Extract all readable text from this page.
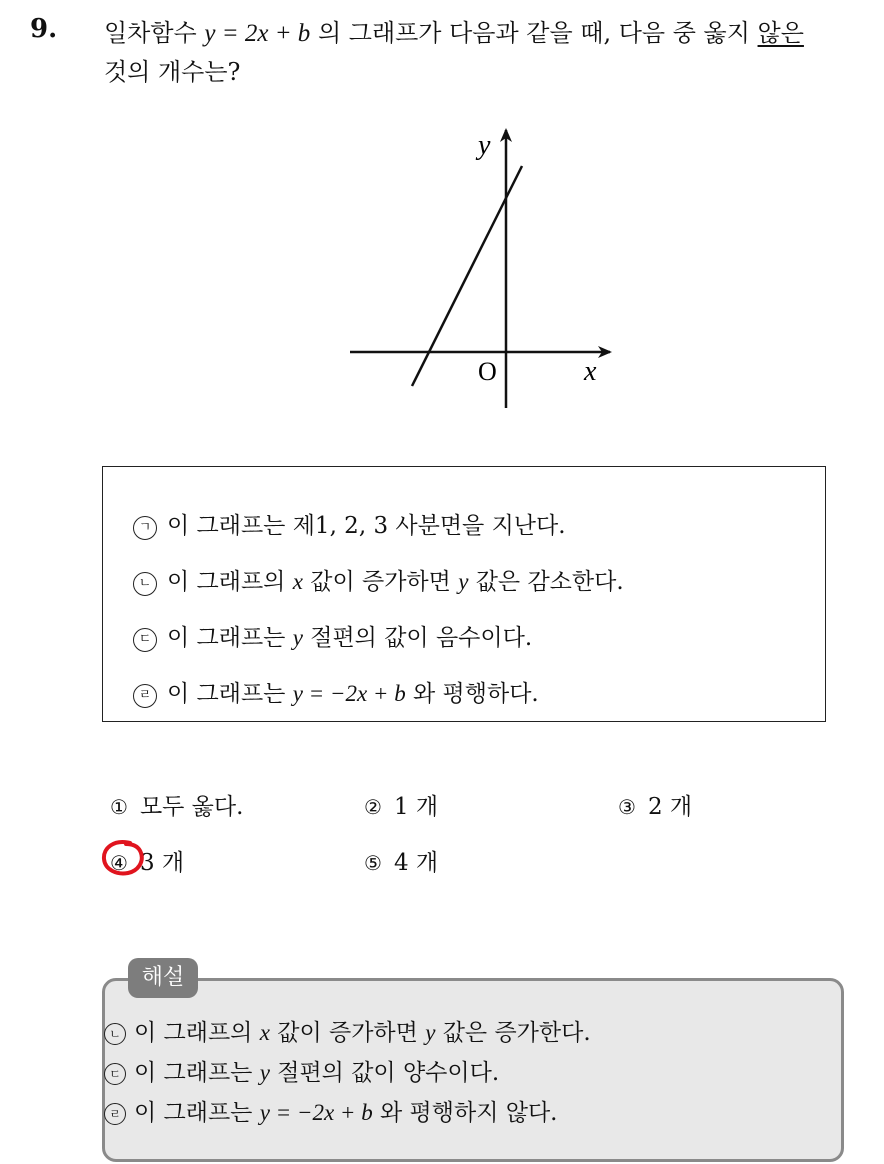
9. 일차함수 y = 2x + b 의 그래프가 다음과 같을 때, 다음 중 옳지 않은
것의 개수는?
y
x
O
ㄱ 이 그래프는 제1, 2, 3 사분면을 지난다.
ㄴ 이 그래프의 x 값이 증가하면 y 값은 감소한다.
ㄷ 이 그래프는 y 절편의 값이 음수이다.
ㄹ 이 그래프는 y = −2x + b 와 평행하다.
① 모두 옳다.	② 1 개	③ 2 개
④ 3 개	⑤ 4 개
해설
ㄴ 이 그래프의 x 값이 증가하면 y 값은 증가한다.
ㄷ 이 그래프는 y 절편의 값이 양수이다.
ㄹ 이 그래프는 y = −2x + b 와 평행하지 않다.
